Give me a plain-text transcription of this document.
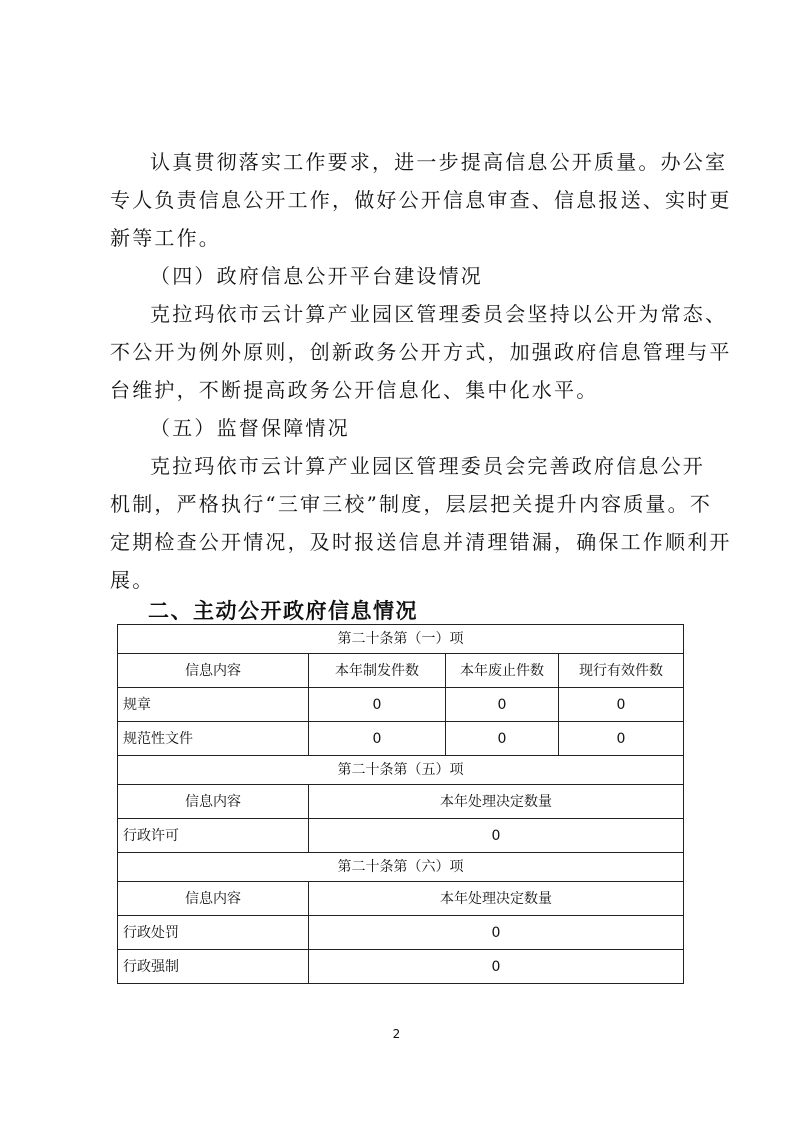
认真贯彻落实工作要求，进一步提高信息公开质量。办公室
专人负责信息公开工作，做好公开信息审查、信息报送、实时更
新等工作。
（四）政府信息公开平台建设情况
克拉玛依市云计算产业园区管理委员会坚持以公开为常态、
不公开为例外原则，创新政务公开方式，加强政府信息管理与平
台维护，不断提高政务公开信息化、集中化水平。
（五）监督保障情况
克拉玛依市云计算产业园区管理委员会完善政府信息公开
机制，严格执行“三审三校”制度，层层把关提升内容质量。不
定期检查公开情况，及时报送信息并清理错漏，确保工作顺利开
展。
二、主动公开政府信息情况
第二十条第（一）项			
信息内容	本年制发件数	本年废止件数	现行有效件数
规章	0	0	0
规范性文件	0	0	0
第二十条第（五）项			
信息内容	本年处理决定数量		
行政许可	0		
第二十条第（六）项			
信息内容	本年处理决定数量		
行政处罚	0		
行政强制	0		
2
